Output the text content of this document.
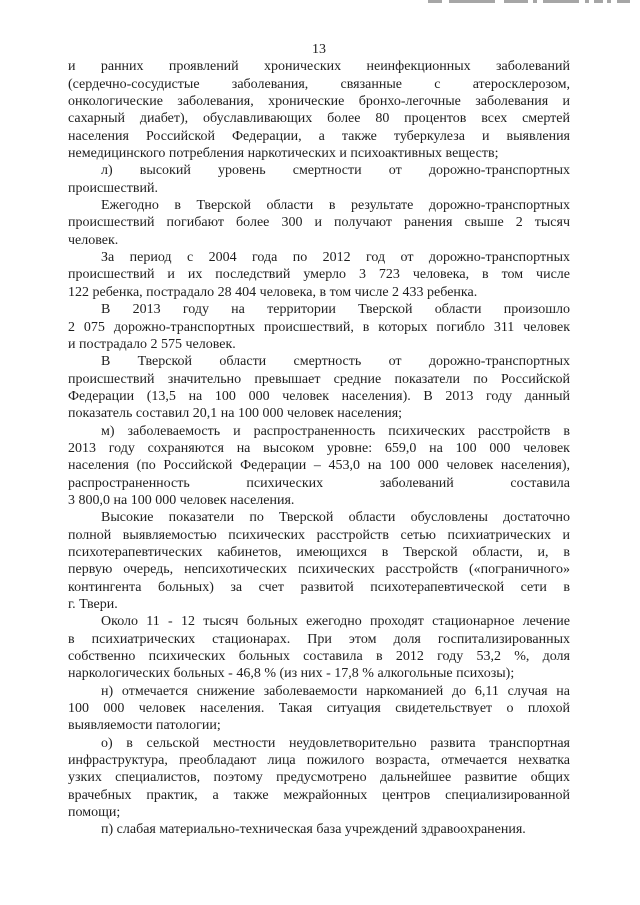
13
и ранних проявлений хронических неинфекционных заболеваний
(сердечно-сосудистые заболевания, связанные с атеросклерозом,
онкологические заболевания, хронические бронхо-легочные заболевания и
сахарный диабет), обуславливающих более 80 процентов всех смертей
населения Российской Федерации, а также туберкулеза и выявления
немедицинского потребления наркотических и психоактивных веществ;
л) высокий уровень смертности от дорожно-транспортных
происшествий.
Ежегодно в Тверской области в результате дорожно-транспортных
происшествий погибают более 300 и получают ранения свыше 2 тысяч
человек.
За период с 2004 года по 2012 год от дорожно-транспортных
происшествий и их последствий умерло 3 723 человека, в том числе
122 ребенка, пострадало 28 404 человека, в том числе 2 433 ребенка.
В 2013 году на территории Тверской области произошло
2 075 дорожно-транспортных происшествий, в которых погибло 311 человек
и пострадало 2 575 человек.
В Тверской области смертность от дорожно-транспортных
происшествий значительно превышает средние показатели по Российской
Федерации (13,5 на 100 000 человек населения). В 2013 году данный
показатель составил 20,1 на 100 000 человек населения;
м) заболеваемость и распространенность психических расстройств в
2013 году сохраняются на высоком уровне: 659,0 на 100 000 человек
населения (по Российской Федерации – 453,0 на 100 000 человек населения),
распространенность психических заболеваний составила
3 800,0 на 100 000 человек населения.
Высокие показатели по Тверской области обусловлены достаточно
полной выявляемостью психических расстройств сетью психиатрических и
психотерапевтических кабинетов, имеющихся в Тверской области, и, в
первую очередь, непсихотических психических расстройств («пограничного»
контингента больных) за счет развитой психотерапевтической сети в
г. Твери.
Около 11 - 12 тысяч больных ежегодно проходят стационарное лечение
в психиатрических стационарах. При этом доля госпитализированных
собственно психических больных составила в 2012 году 53,2 %, доля
наркологических больных - 46,8 % (из них - 17,8 % алкогольные психозы);
н) отмечается снижение заболеваемости наркоманией до 6,11 случая на
100 000 человек населения. Такая ситуация свидетельствует о плохой
выявляемости патологии;
о) в сельской местности неудовлетворительно развита транспортная
инфраструктура, преобладают лица пожилого возраста, отмечается нехватка
узких специалистов, поэтому предусмотрено дальнейшее развитие общих
врачебных практик, а также межрайонных центров специализированной
помощи;
п) слабая материально-техническая база учреждений здравоохранения.
